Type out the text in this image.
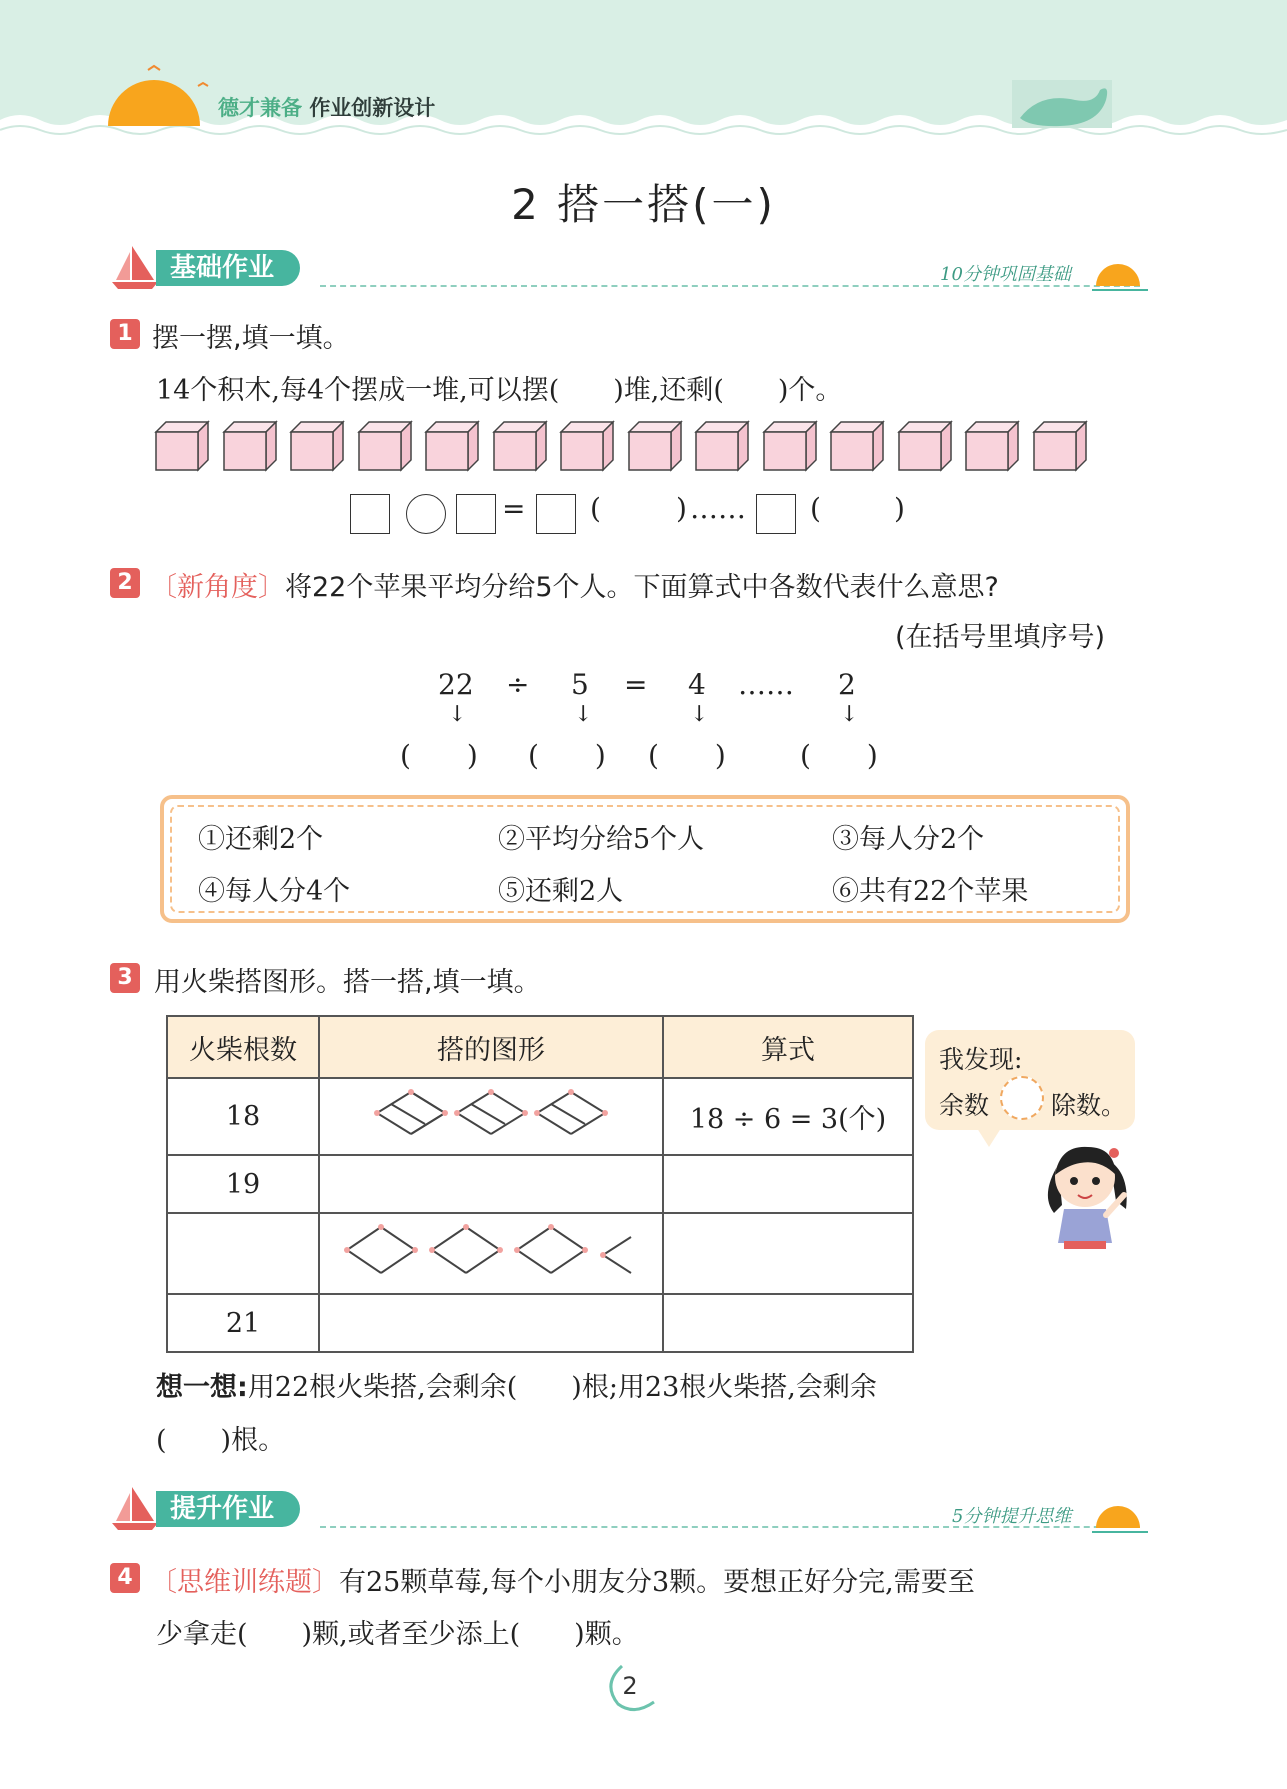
德才兼备 作业创新设计
2 搭一搭(一)
基础作业	10分钟巩固基础
1 摆一摆,填一填。
14个积木,每4个摆成一堆,可以摆(　　)堆,还剩(　　)个。
= (	) …… (	)
2 〔新角度〕将22个苹果平均分给5个人。下面算式中各数代表什么意思?
(在括号里填序号)
22 ÷ 5 = 4 …… 2
↓	↓	↓	↓
(　　) (　　) (　　)	(　　)
①还剩2个	②平均分给5个人	③每人分2个
④每人分4个	⑤还剩2人	⑥共有22个苹果
3 用火柴搭图形。搭一搭,填一填。
火柴根数	搭的图形	算式
18		18 ÷ 6 = 3(个)
19		

21		
我发现:
余数 除数。
想一想:用22根火柴搭,会剩余(　　)根;用23根火柴搭,会剩余
(　　)根。
提升作业	5分钟提升思维
4 〔思维训练题〕有25颗草莓,每个小朋友分3颗。要想正好分完,需要至
少拿走(　　)颗,或者至少添上(　　)颗。
2
